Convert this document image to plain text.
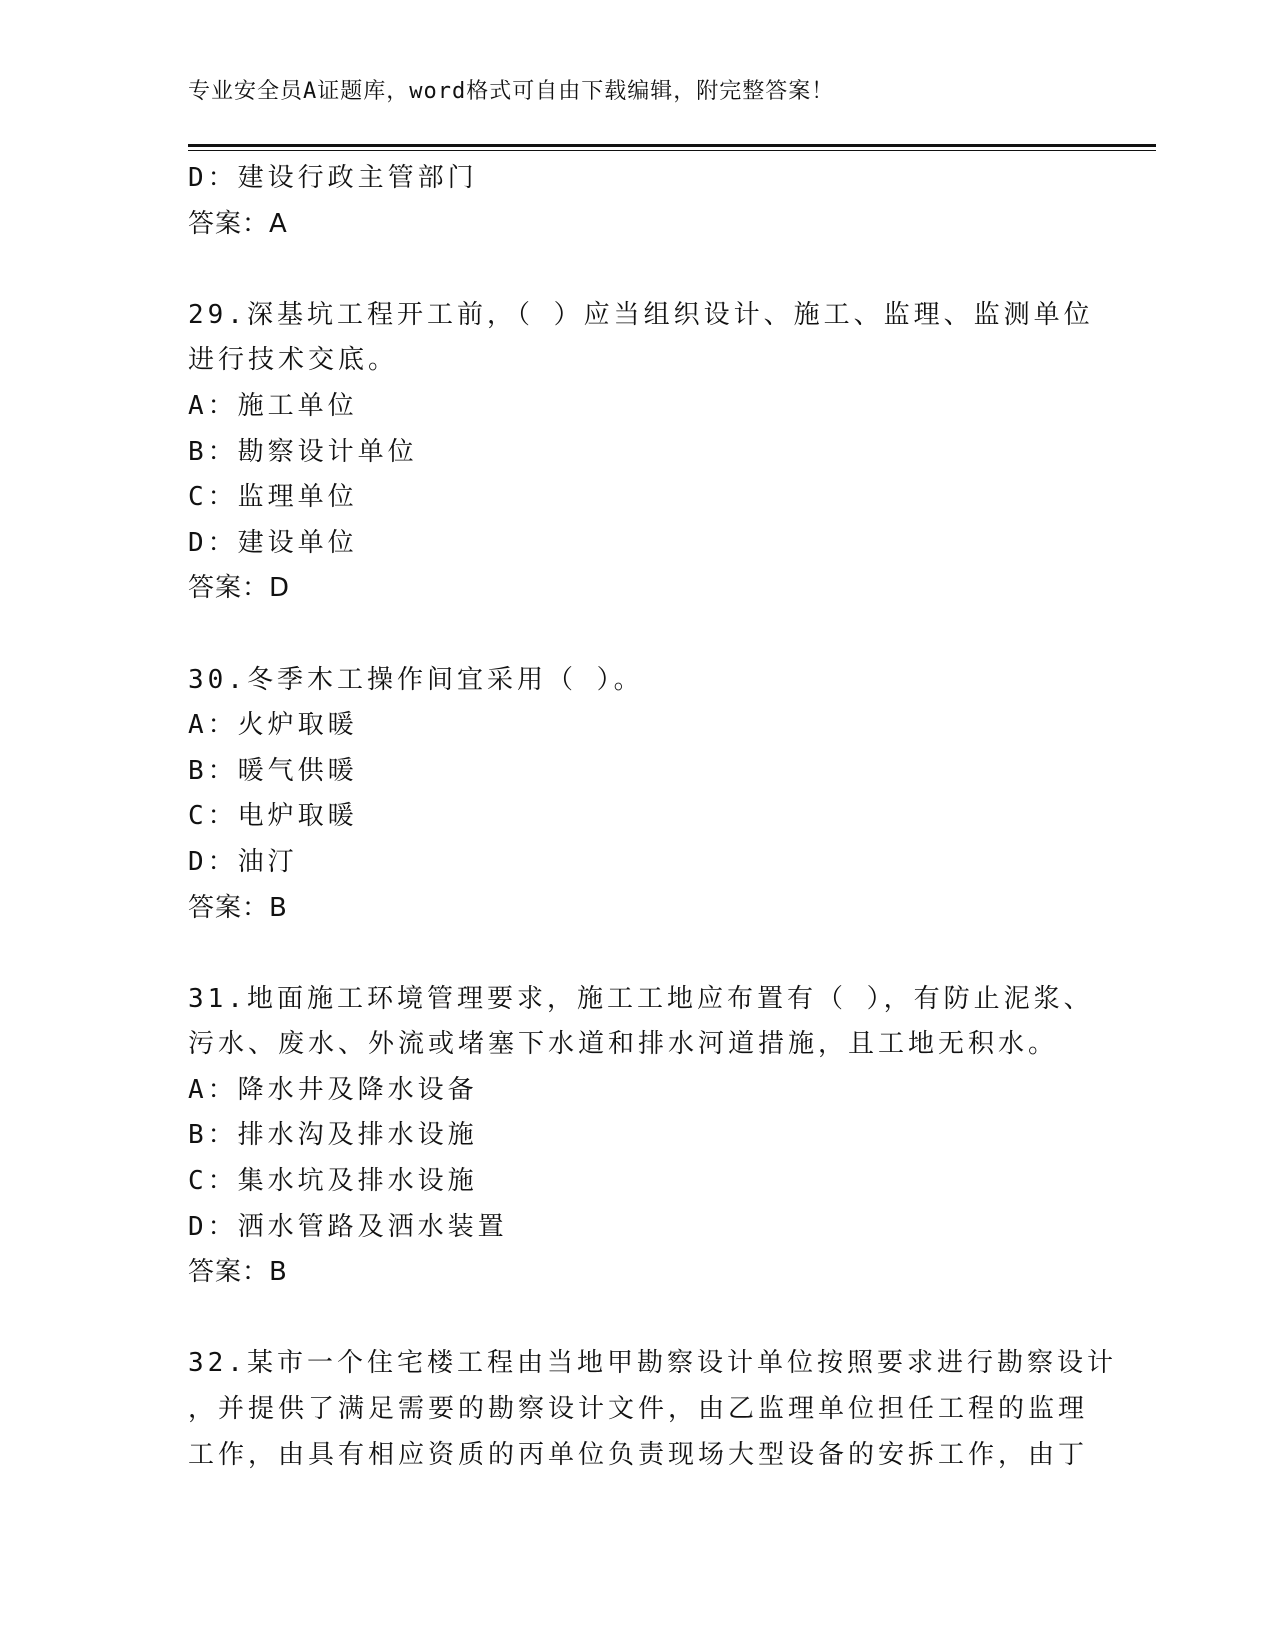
专业安全员A证题库，word格式可自由下载编辑，附完整答案！
D：建设行政主管部门
答案：A
29.深基坑工程开工前，（ ）应当组织设计、施工、监理、监测单位
进行技术交底。
A：施工单位
B：勘察设计单位
C：监理单位
D：建设单位
答案：D
30.冬季木工操作间宜采用（ ）。
A：火炉取暖
B：暖气供暖
C：电炉取暖
D：油汀
答案：B
31.地面施工环境管理要求，施工工地应布置有（ ），有防止泥浆、
污水、废水、外流或堵塞下水道和排水河道措施，且工地无积水。
A：降水井及降水设备
B：排水沟及排水设施
C：集水坑及排水设施
D：洒水管路及洒水装置
答案：B
32.某市一个住宅楼工程由当地甲勘察设计单位按照要求进行勘察设计
，并提供了满足需要的勘察设计文件，由乙监理单位担任工程的监理
工作，由具有相应资质的丙单位负责现场大型设备的安拆工作，由丁
